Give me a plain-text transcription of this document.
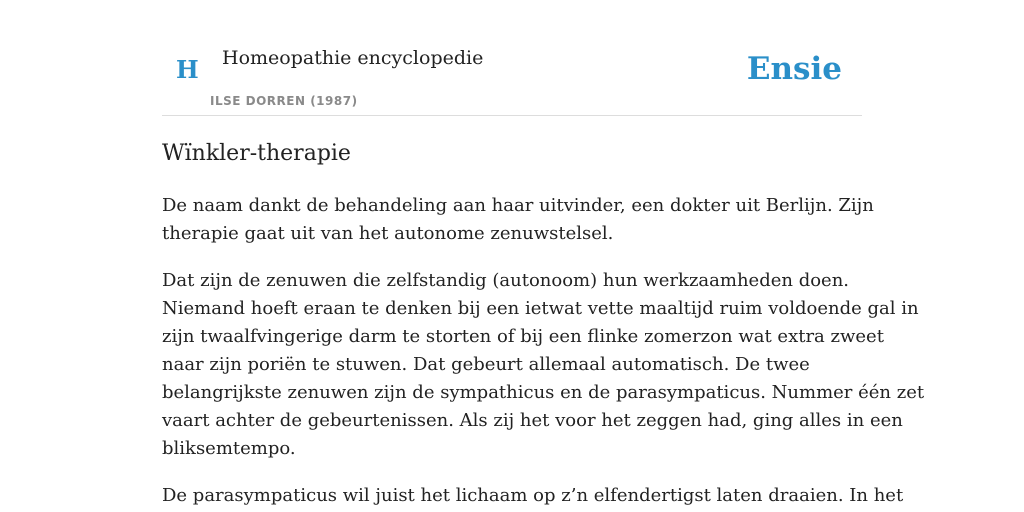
H Homeopathie encyclopedie
ILSE DORREN (1987)
Ensie
Wïnkler-therapie

De naam dankt de behandeling aan haar uitvinder, een dokter uit Berlijn. Zijn
therapie gaat uit van het autonome zenuwstelsel.

Dat zijn de zenuwen die zelfstandig (autonoom) hun werkzaamheden doen.
Niemand hoeft eraan te denken bij een ietwat vette maaltijd ruim voldoende gal in
zijn twaalfvingerige darm te storten of bij een flinke zomerzon wat extra zweet
naar zijn poriën te stuwen. Dat gebeurt allemaal automatisch. De twee
belangrijkste zenuwen zijn de sympathicus en de parasympaticus. Nummer één zet
vaart achter de gebeurtenissen. Als zij het voor het zeggen had, ging alles in een
bliksemtempo.

De parasympaticus wil juist het lichaam op z’n elfendertigst laten draaien. In het
